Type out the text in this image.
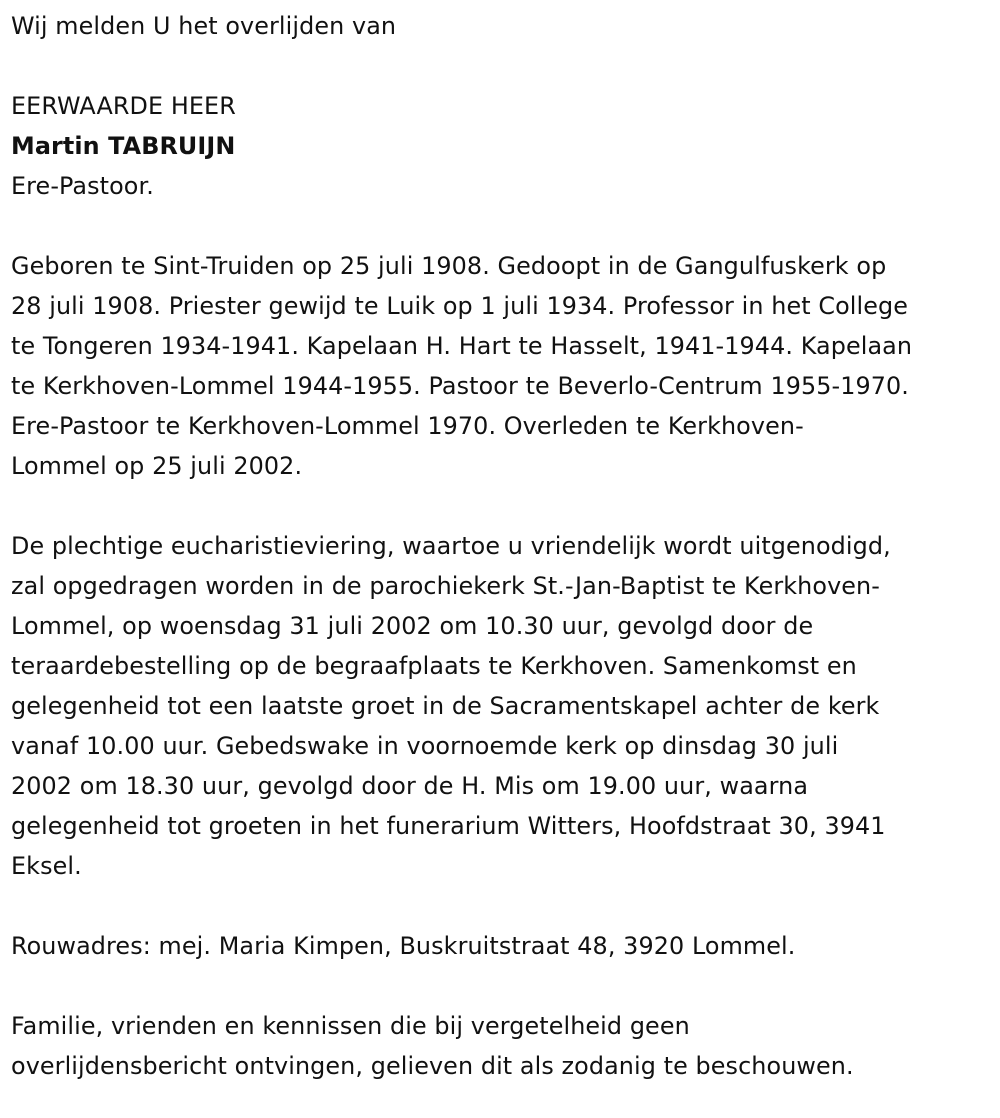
Wij melden U het overlijden van
EERWAARDE HEER
Martin TABRUIJN
Ere-Pastoor.
Geboren te Sint-Truiden op 25 juli 1908. Gedoopt in de Gangulfuskerk op
28 juli 1908. Priester gewijd te Luik op 1 juli 1934. Professor in het College
te Tongeren 1934-1941. Kapelaan H. Hart te Hasselt, 1941-1944. Kapelaan
te Kerkhoven-Lommel 1944-1955. Pastoor te Beverlo-Centrum 1955-1970.
Ere-Pastoor te Kerkhoven-Lommel 1970. Overleden te Kerkhoven-
Lommel op 25 juli 2002.
De plechtige eucharistieviering, waartoe u vriendelijk wordt uitgenodigd,
zal opgedragen worden in de parochiekerk St.-Jan-Baptist te Kerkhoven-
Lommel, op woensdag 31 juli 2002 om 10.30 uur, gevolgd door de
teraardebestelling op de begraafplaats te Kerkhoven. Samenkomst en
gelegenheid tot een laatste groet in de Sacramentskapel achter de kerk
vanaf 10.00 uur. Gebedswake in voornoemde kerk op dinsdag 30 juli
2002 om 18.30 uur, gevolgd door de H. Mis om 19.00 uur, waarna
gelegenheid tot groeten in het funerarium Witters, Hoofdstraat 30, 3941
Eksel.
Rouwadres: mej. Maria Kimpen, Buskruitstraat 48, 3920 Lommel.
Familie, vrienden en kennissen die bij vergetelheid geen
overlijdensbericht ontvingen, gelieven dit als zodanig te beschouwen.
